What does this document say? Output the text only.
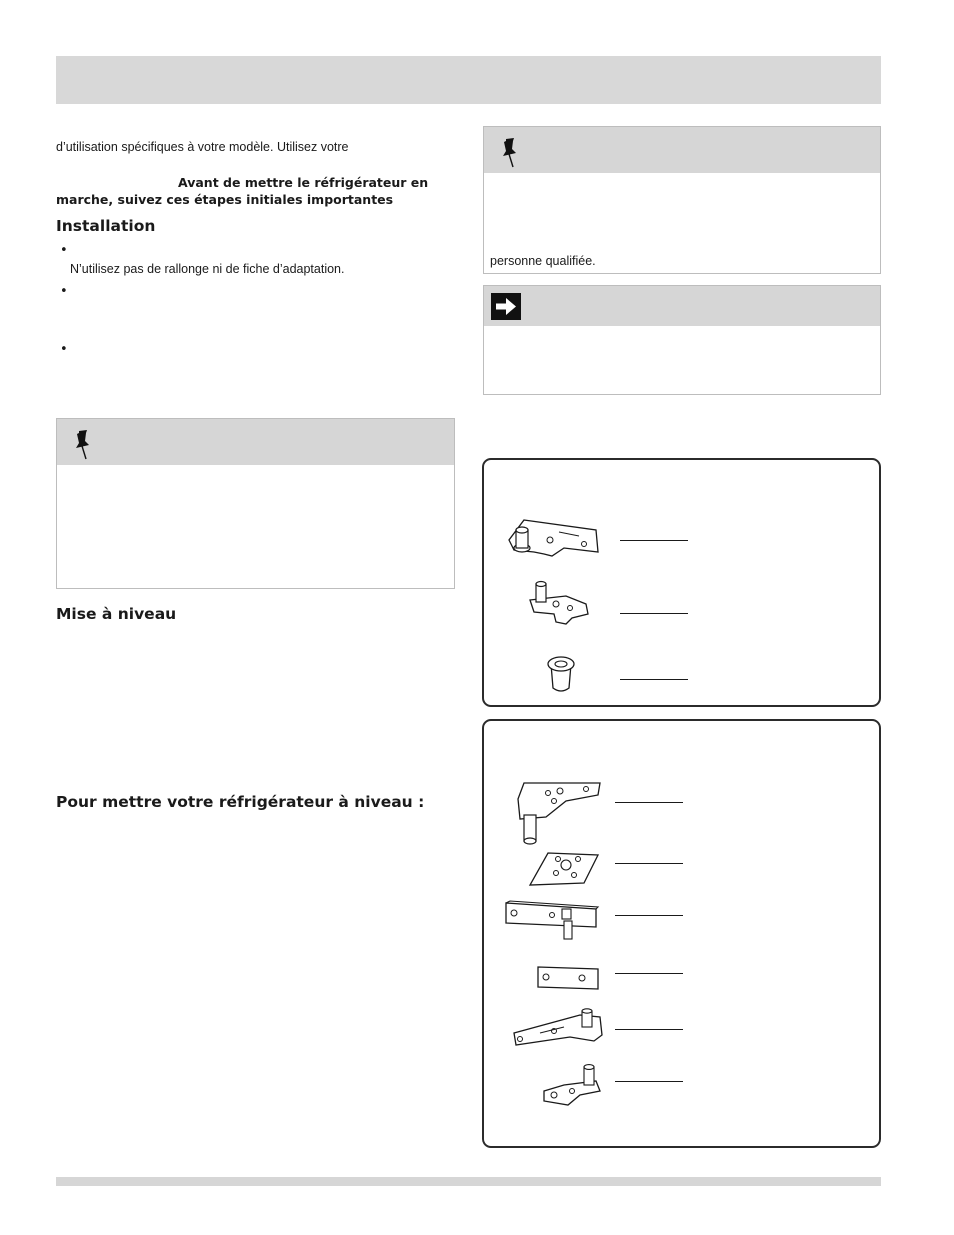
d’utilisation spécifiques à votre modèle. Utilisez votre
Avant de mettre le réfrigérateur en
marche, suivez ces étapes initiales importantes
Installation
•
N’utilisez pas de rallonge ni de fiche d’adaptation.
•
•
Mise à niveau
Pour mettre votre réfrigérateur à niveau :
personne qualifiée.
